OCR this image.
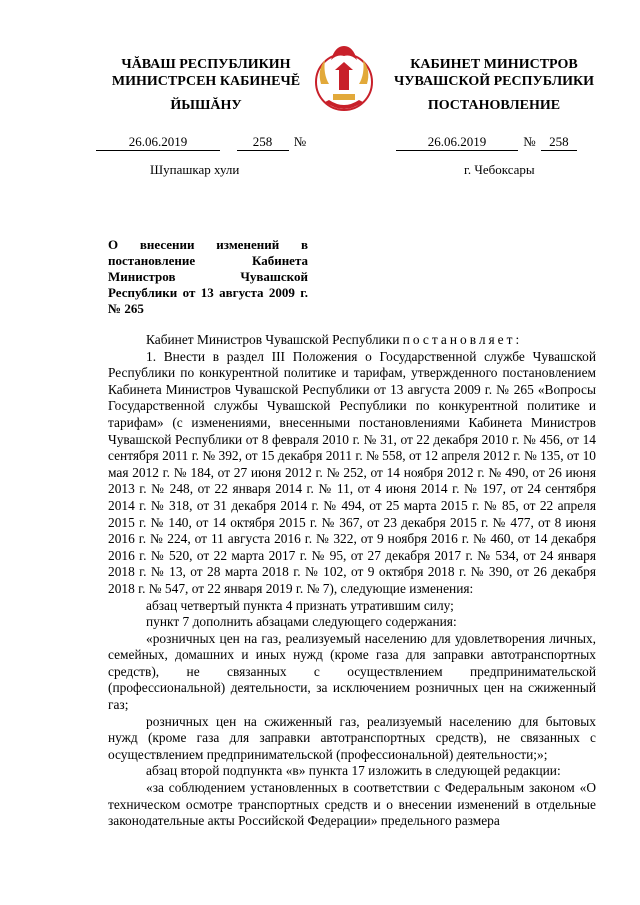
ЧĂВАШ РЕСПУБЛИКИН
МИНИСТРСЕН КАБИНЕЧĔ
КАБИНЕТ МИНИСТРОВ
ЧУВАШСКОЙ РЕСПУБЛИКИ
ЙЫШĂНУ	ПОСТАНОВЛЕНИЕ
26.06.2019	258 №	26.06.2019	№ 258
Шупашкар хули	г. Чебоксары
О внесении изменений в постановление Кабинета Министров Чувашской Республики от 13 августа 2009 г. № 265

Кабинет Министров Чувашской Республики постановляет:

1. Внести в раздел III Положения о Государственной службе Чувашской Республики по конкурентной политике и тарифам, утвержденного постановлением Кабинета Министров Чувашской Республики от 13 августа 2009 г. № 265 «Вопросы Государственной службы Чувашской Республики по конкурентной политике и тарифам» (с изменениями, внесенными постановлениями Кабинета Министров Чувашской Республики от 8 февраля 2010 г. № 31, от 22 декабря 2010 г. № 456, от 14 сентября 2011 г. № 392, от 15 декабря 2011 г. № 558, от 12 апреля 2012 г. № 135, от 10 мая 2012 г. № 184, от 27 июня 2012 г. № 252, от 14 ноября 2012 г. № 490, от 26 июня 2013 г. № 248, от 22 января 2014 г. № 11, от 4 июня 2014 г. № 197, от 24 сентября 2014 г. № 318, от 31 декабря 2014 г. № 494, от 25 марта 2015 г. № 85, от 22 апреля 2015 г. № 140, от 14 октября 2015 г. № 367, от 23 декабря 2015 г. № 477, от 8 июня 2016 г. № 224, от 11 августа 2016 г. № 322, от 9 ноября 2016 г. № 460, от 14 декабря 2016 г. № 520, от 22 марта 2017 г. № 95, от 27 декабря 2017 г. № 534, от 24 января 2018 г. № 13, от 28 марта 2018 г. № 102, от 9 октября 2018 г. № 390, от 26 декабря 2018 г. № 547, от 22 января 2019 г. № 7), следующие изменения:

абзац четвертый пункта 4 признать утратившим силу;

пункт 7 дополнить абзацами следующего содержания:

«розничных цен на газ, реализуемый населению для удовлетворения личных, семейных, домашних и иных нужд (кроме газа для заправки автотранспортных средств), не связанных с осуществлением предпринимательской (профессиональной) деятельности, за исключением розничных цен на сжиженный газ;

розничных цен на сжиженный газ, реализуемый населению для бытовых нужд (кроме газа для заправки автотранспортных средств), не связанных с осуществлением предпринимательской (профессиональной) деятельности;»;

абзац второй подпункта «в» пункта 17 изложить в следующей редакции:

«за соблюдением установленных в соответствии с Федеральным законом «О техническом осмотре транспортных средств и о внесении изменений в отдельные законодательные акты Российской Федерации» предельного размера
